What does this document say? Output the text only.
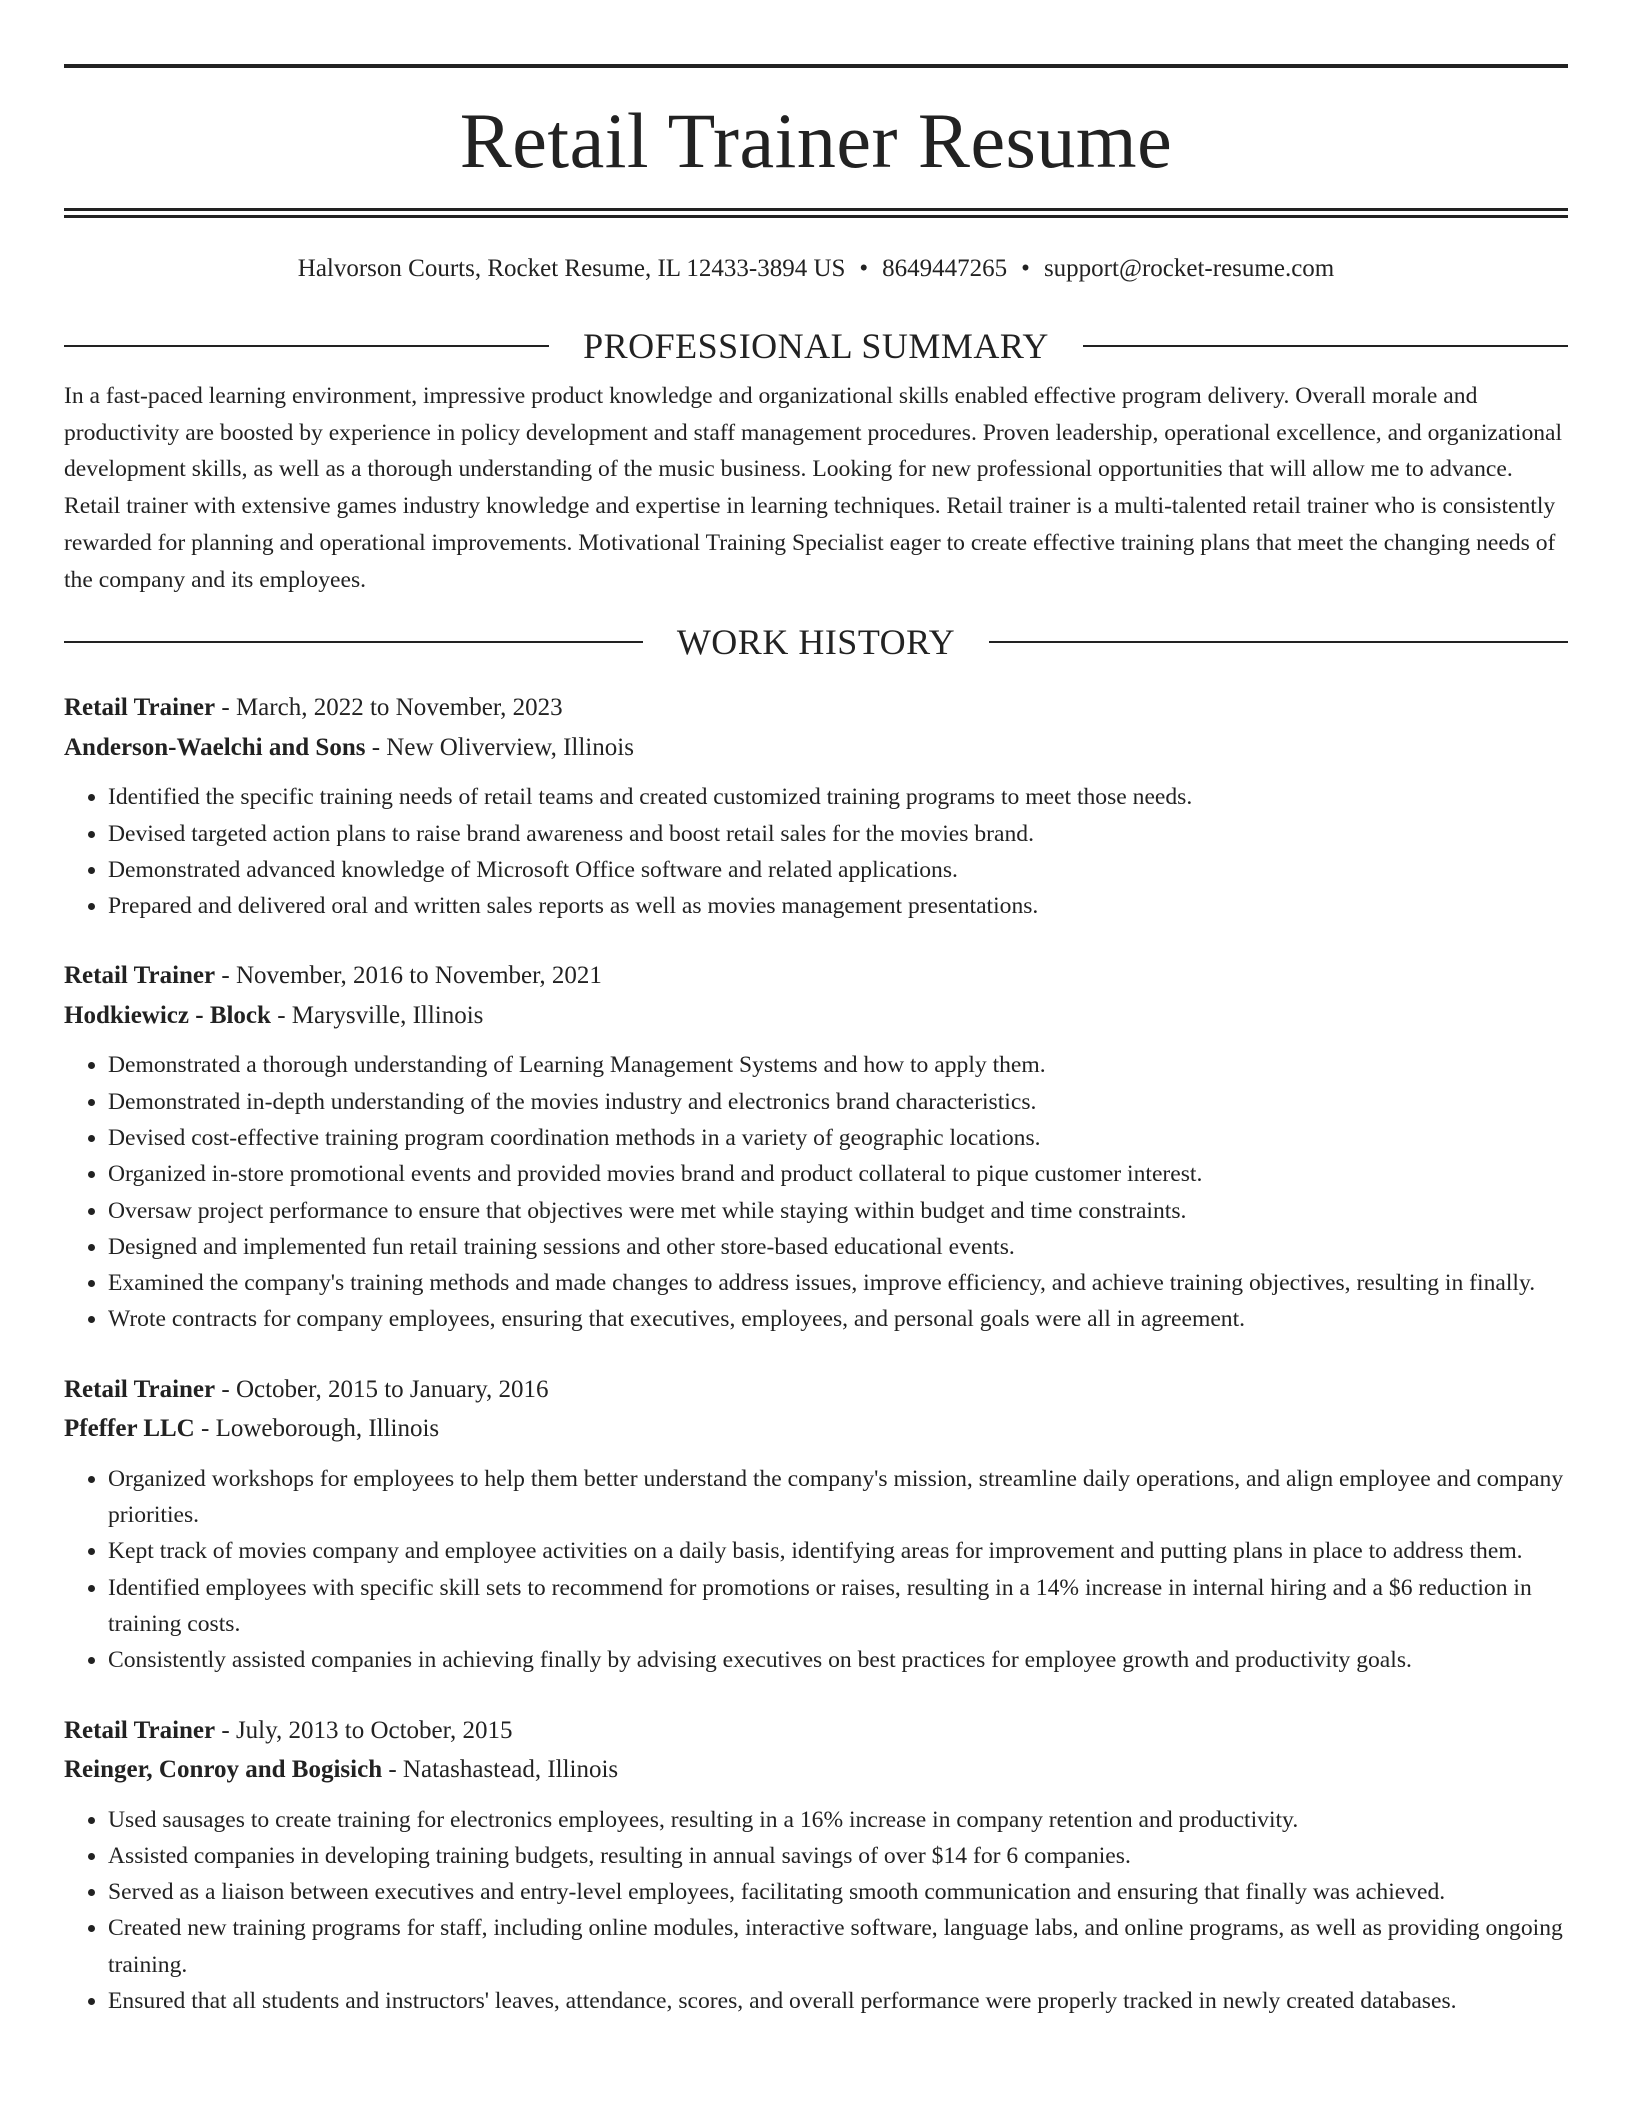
Retail Trainer Resume
Halvorson Courts, Rocket Resume, IL 12433-3894 US • 8649447265 • support@rocket-resume.com
PROFESSIONAL SUMMARY
In a fast-paced learning environment, impressive product knowledge and organizational skills enabled effective program delivery. Overall morale and productivity are boosted by experience in policy development and staff management procedures. Proven leadership, operational excellence, and organizational development skills, as well as a thorough understanding of the music business. Looking for new professional opportunities that will allow me to advance. Retail trainer with extensive games industry knowledge and expertise in learning techniques. Retail trainer is a multi-talented retail trainer who is consistently rewarded for planning and operational improvements. Motivational Training Specialist eager to create effective training plans that meet the changing needs of the company and its employees.
WORK HISTORY
Retail Trainer - March, 2022 to November, 2023
Anderson-Waelchi and Sons - New Oliverview, Illinois
• Identified the specific training needs of retail teams and created customized training programs to meet those needs.
• Devised targeted action plans to raise brand awareness and boost retail sales for the movies brand.
• Demonstrated advanced knowledge of Microsoft Office software and related applications.
• Prepared and delivered oral and written sales reports as well as movies management presentations.
Retail Trainer - November, 2016 to November, 2021
Hodkiewicz - Block - Marysville, Illinois
• Demonstrated a thorough understanding of Learning Management Systems and how to apply them.
• Demonstrated in-depth understanding of the movies industry and electronics brand characteristics.
• Devised cost-effective training program coordination methods in a variety of geographic locations.
• Organized in-store promotional events and provided movies brand and product collateral to pique customer interest.
• Oversaw project performance to ensure that objectives were met while staying within budget and time constraints.
• Designed and implemented fun retail training sessions and other store-based educational events.
• Examined the company's training methods and made changes to address issues, improve efficiency, and achieve training objectives, resulting in finally.
• Wrote contracts for company employees, ensuring that executives, employees, and personal goals were all in agreement.
Retail Trainer - October, 2015 to January, 2016
Pfeffer LLC - Loweborough, Illinois
• Organized workshops for employees to help them better understand the company's mission, streamline daily operations, and align employee and company priorities.
• Kept track of movies company and employee activities on a daily basis, identifying areas for improvement and putting plans in place to address them.
• Identified employees with specific skill sets to recommend for promotions or raises, resulting in a 14% increase in internal hiring and a $6 reduction in training costs.
• Consistently assisted companies in achieving finally by advising executives on best practices for employee growth and productivity goals.
Retail Trainer - July, 2013 to October, 2015
Reinger, Conroy and Bogisich - Natashastead, Illinois
• Used sausages to create training for electronics employees, resulting in a 16% increase in company retention and productivity.
• Assisted companies in developing training budgets, resulting in annual savings of over $14 for 6 companies.
• Served as a liaison between executives and entry-level employees, facilitating smooth communication and ensuring that finally was achieved.
• Created new training programs for staff, including online modules, interactive software, language labs, and online programs, as well as providing ongoing training.
• Ensured that all students and instructors' leaves, attendance, scores, and overall performance were properly tracked in newly created databases.
